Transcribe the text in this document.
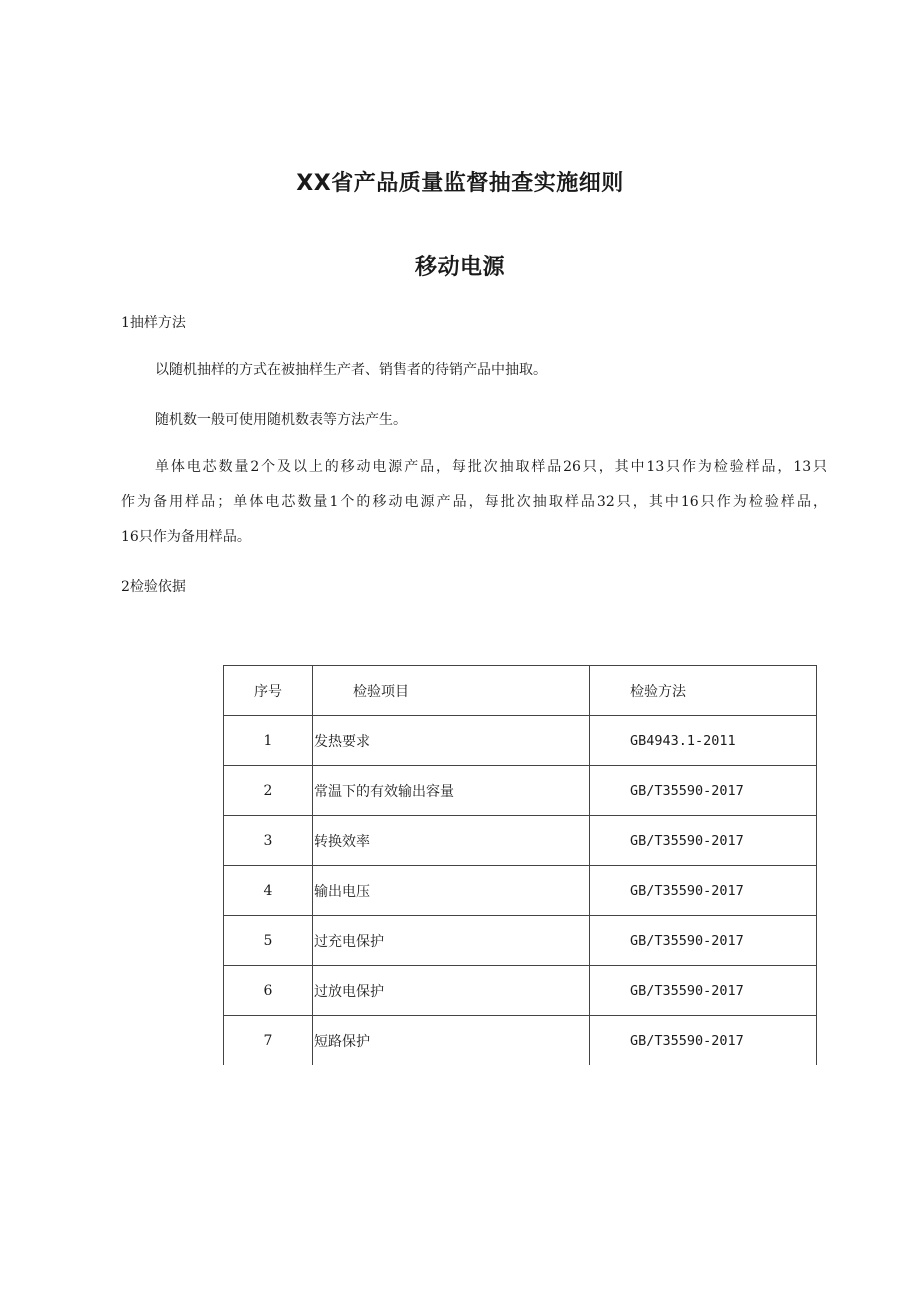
XX省产品质量监督抽查实施细则
移动电源

1抽样方法

以随机抽样的方式在被抽样生产者、销售者的待销产品中抽取。

随机数一般可使用随机数表等方法产生。

单体电芯数量2个及以上的移动电源产品，每批次抽取样品26只，其中13只作为检验样品，13只
作为备用样品；单体电芯数量1个的移动电源产品，每批次抽取样品32只，其中16只作为检验样品，
16只作为备用样品。

2检验依据

序号	检验项目	检验方法
1	发热要求	GB4943.1-2011
2	常温下的有效输出容量	GB/T35590-2017
3	转换效率	GB/T35590-2017
4	输出电压	GB/T35590-2017
5	过充电保护	GB/T35590-2017
6	过放电保护	GB/T35590-2017
7	短路保护	GB/T35590-2017
